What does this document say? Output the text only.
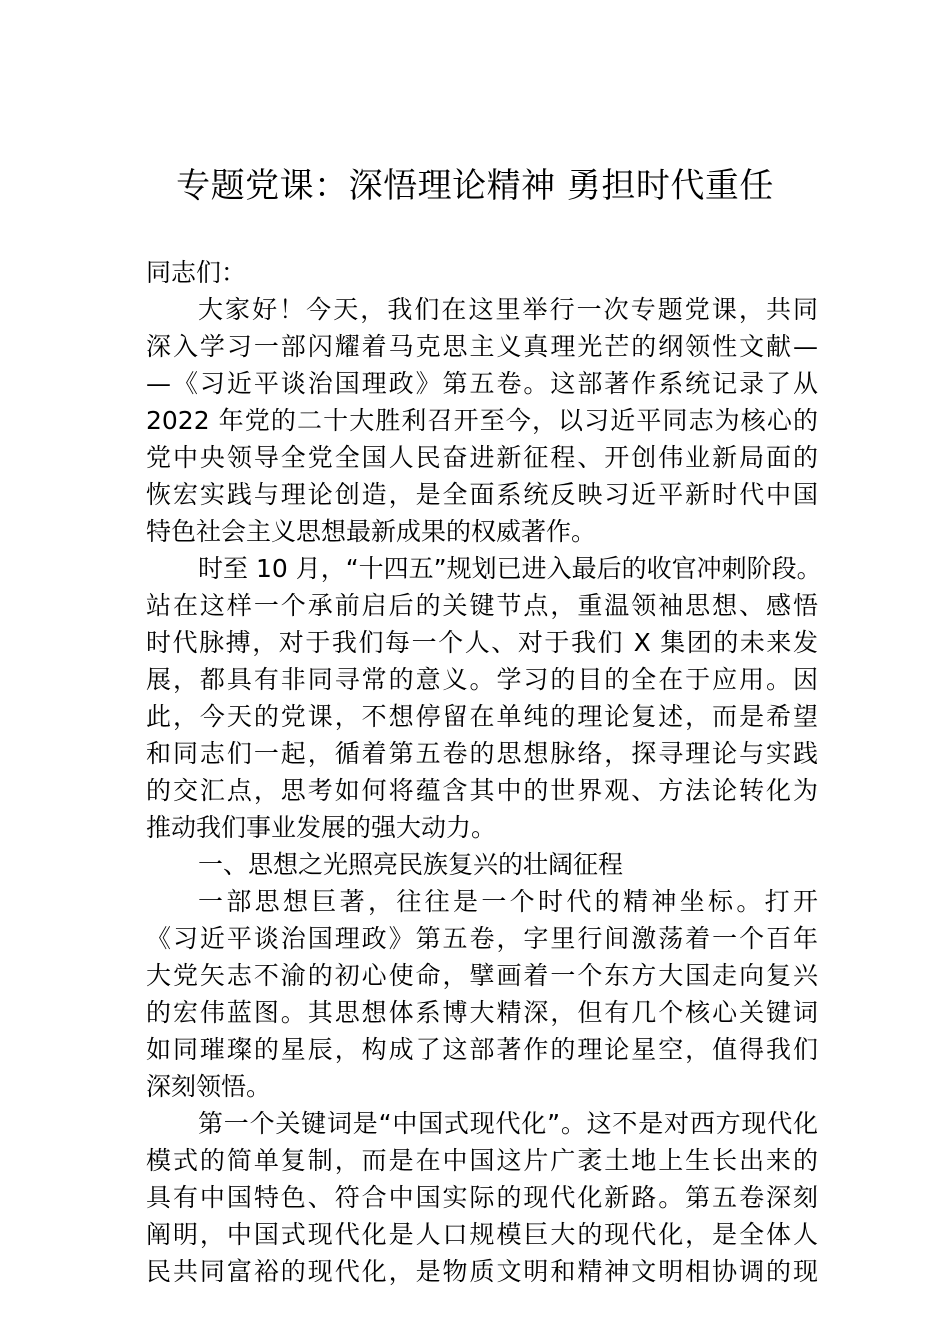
专题党课：深悟理论精神 勇担时代重任
同志们：
大家好！今天，我们在这里举行一次专题党课，共同
深入学习一部闪耀着马克思主义真理光芒的纲领性文献—
—《习近平谈治国理政》第五卷。这部著作系统记录了从
2022 年党的二十大胜利召开至今，以习近平同志为核心的
党中央领导全党全国人民奋进新征程、开创伟业新局面的
恢宏实践与理论创造，是全面系统反映习近平新时代中国
特色社会主义思想最新成果的权威著作。
时至 10 月，“十四五”规划已进入最后的收官冲刺阶段。
站在这样一个承前启后的关键节点，重温领袖思想、感悟
时代脉搏，对于我们每一个人、对于我们 X 集团的未来发
展，都具有非同寻常的意义。学习的目的全在于应用。因
此，今天的党课，不想停留在单纯的理论复述，而是希望
和同志们一起，循着第五卷的思想脉络，探寻理论与实践
的交汇点，思考如何将蕴含其中的世界观、方法论转化为
推动我们事业发展的强大动力。
一、思想之光照亮民族复兴的壮阔征程
一部思想巨著，往往是一个时代的精神坐标。打开
《习近平谈治国理政》第五卷，字里行间激荡着一个百年
大党矢志不渝的初心使命，擘画着一个东方大国走向复兴
的宏伟蓝图。其思想体系博大精深，但有几个核心关键词
如同璀璨的星辰，构成了这部著作的理论星空，值得我们
深刻领悟。
第一个关键词是“中国式现代化”。这不是对西方现代化
模式的简单复制，而是在中国这片广袤土地上生长出来的
具有中国特色、符合中国实际的现代化新路。第五卷深刻
阐明，中国式现代化是人口规模巨大的现代化，是全体人
民共同富裕的现代化，是物质文明和精神文明相协调的现
